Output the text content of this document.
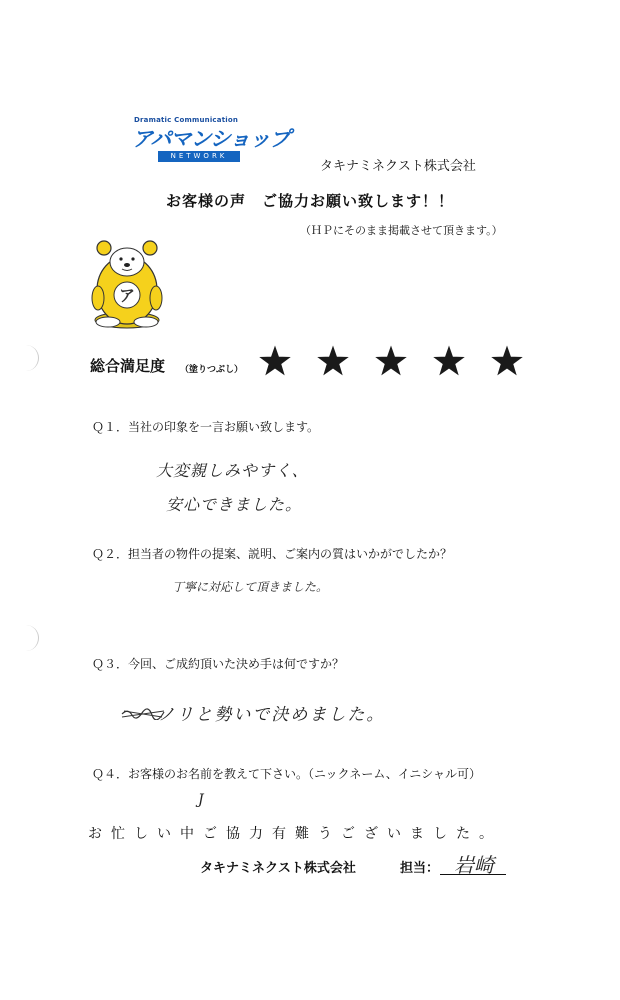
Dramatic Communication
アパマンショップ
NETWORK
タキナミネクスト株式会社
お客様の声　ご協力お願い致します！！
（ＨＰにそのまま掲載させて頂きます。）
ア
総合満足度 （塗りつぶし）
Ｑ１．当社の印象を一言お願い致します。
大変親しみやすく、
安心できました。
Ｑ２．担当者の物件の提案、説明、ご案内の質はいかがでしたか？
丁寧に対応して頂きました。
Ｑ３．今回、ご成約頂いた決め手は何ですか？
ノリと勢いで決めました。
Ｑ４．お客様のお名前を教えて下さい。（ニックネーム、イニシャル可）
J
お忙しい中ご協力有難うございました。
タキナミネクスト株式会社	担当： 岩崎
